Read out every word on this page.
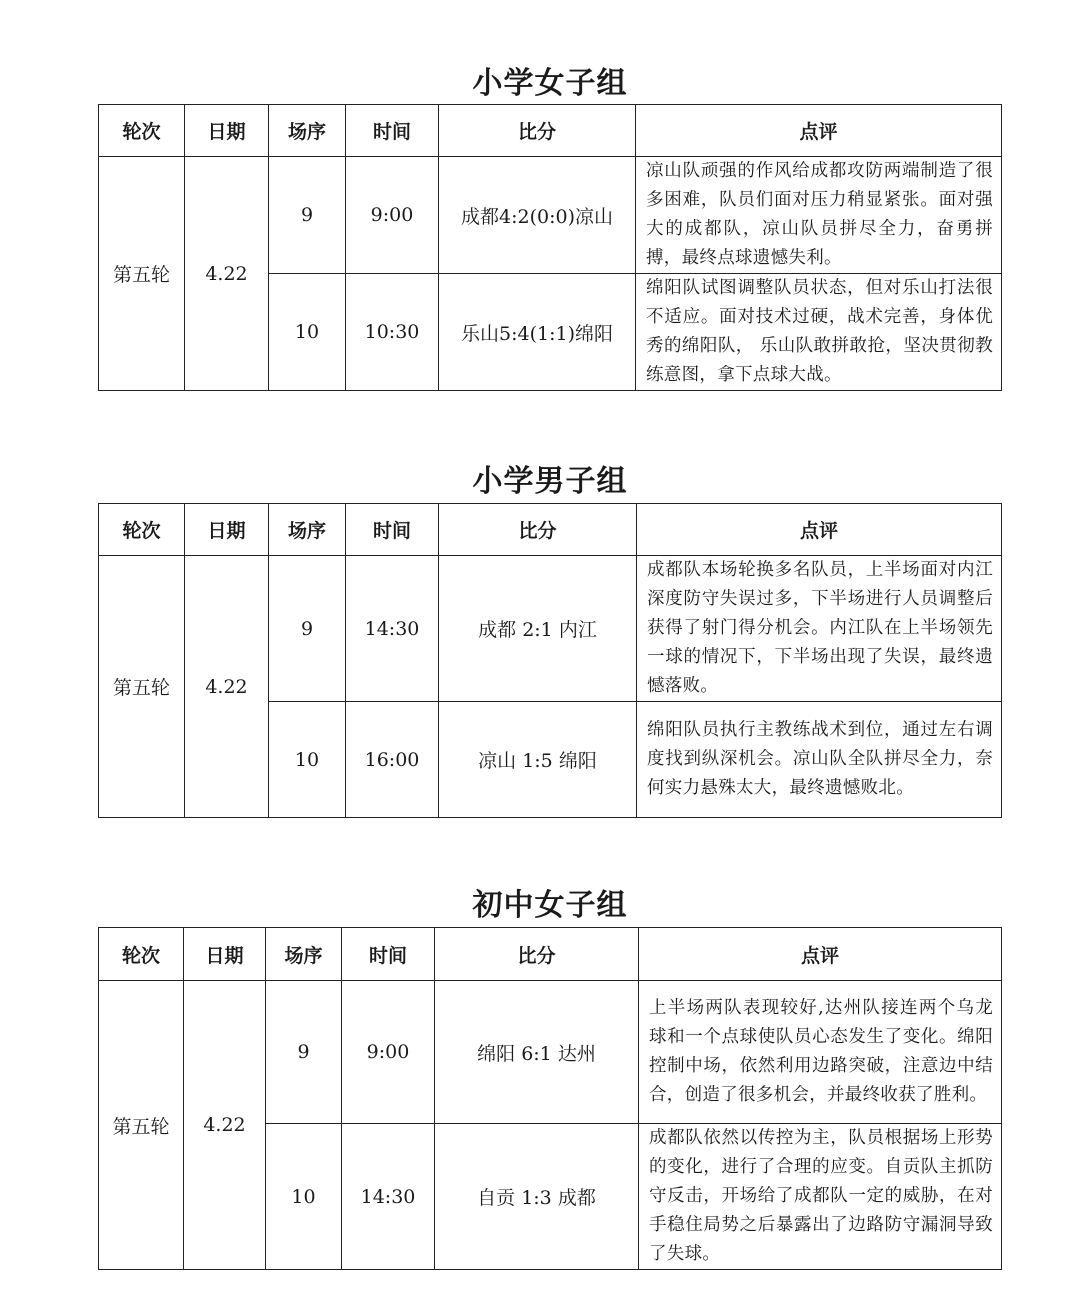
小学女子组
轮次	日期	场序	时间	比分	点评
第五轮	4.22	9	9:00	成都4:2(0:0)凉山	凉山队顽强的作风给成都攻防两端制造了很多困难，队员们面对压力稍显紧张。面对强大的成都队，凉山队员拼尽全力，奋勇拼搏，最终点球遗憾失利。
		10	10:30	乐山5:4(1:1)绵阳	绵阳队试图调整队员状态，但对乐山打法很不适应。面对技术过硬，战术完善，身体优秀的绵阳队， 乐山队敢拼敢抢，坚决贯彻教练意图，拿下点球大战。
小学男子组
轮次	日期	场序	时间	比分	点评
第五轮	4.22	9	14:30	成都 2:1 内江	成都队本场轮换多名队员，上半场面对内江深度防守失误过多，下半场进行人员调整后获得了射门得分机会。内江队在上半场领先一球的情况下，下半场出现了失误，最终遗憾落败。
		10	16:00	凉山 1:5 绵阳	绵阳队员执行主教练战术到位，通过左右调度找到纵深机会。凉山队全队拼尽全力，奈何实力悬殊太大，最终遗憾败北。
初中女子组
轮次	日期	场序	时间	比分	点评
第五轮	4.22	9	9:00	绵阳 6:1 达州	上半场两队表现较好,达州队接连两个乌龙球和一个点球使队员心态发生了变化。绵阳控制中场，依然利用边路突破，注意边中结合，创造了很多机会，并最终收获了胜利。
		10	14:30	自贡 1:3 成都	成都队依然以传控为主，队员根据场上形势的变化，进行了合理的应变。自贡队主抓防守反击，开场给了成都队一定的威胁，在对手稳住局势之后暴露出了边路防守漏洞导致了失球。
